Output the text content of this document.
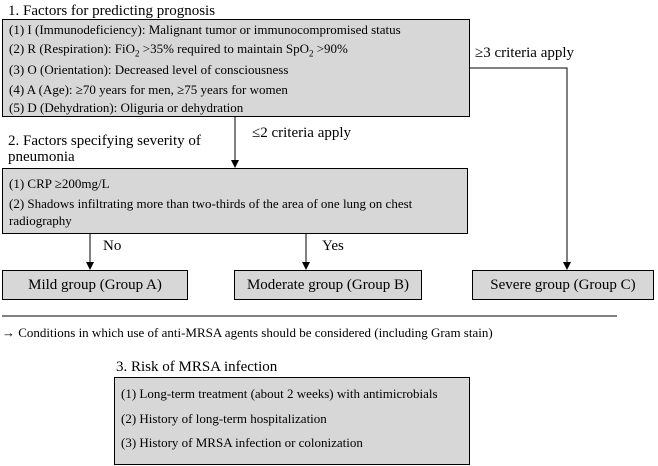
1. Factors for predicting prognosis
(1) I (Immunodeficiency): Malignant tumor or immunocompromised status
(2) R (Respiration): FiO$_2$ >35% required to maintain SpO$_2$ >90%
(3) O (Orientation): Decreased level of consciousness
(4) A (Age): ≥70 years for men, ≥75 years for women
(5) D (Dehydration): Oliguria or dehydration
≥3 criteria apply
≤2 criteria apply
2. Factors specifying severity of
pneumonia
(1) CRP ≥200mg/L
(2) Shadows infiltrating more than two-thirds of the area of one lung on chest radiography
No	Yes
Mild group (Group A)	Moderate group (Group B)	Severe group (Group C)
→ Conditions in which use of anti-MRSA agents should be considered (including Gram stain)
3. Risk of MRSA infection
(1) Long-term treatment (about 2 weeks) with antimicrobials
(2) History of long-term hospitalization
(3) History of MRSA infection or colonization
